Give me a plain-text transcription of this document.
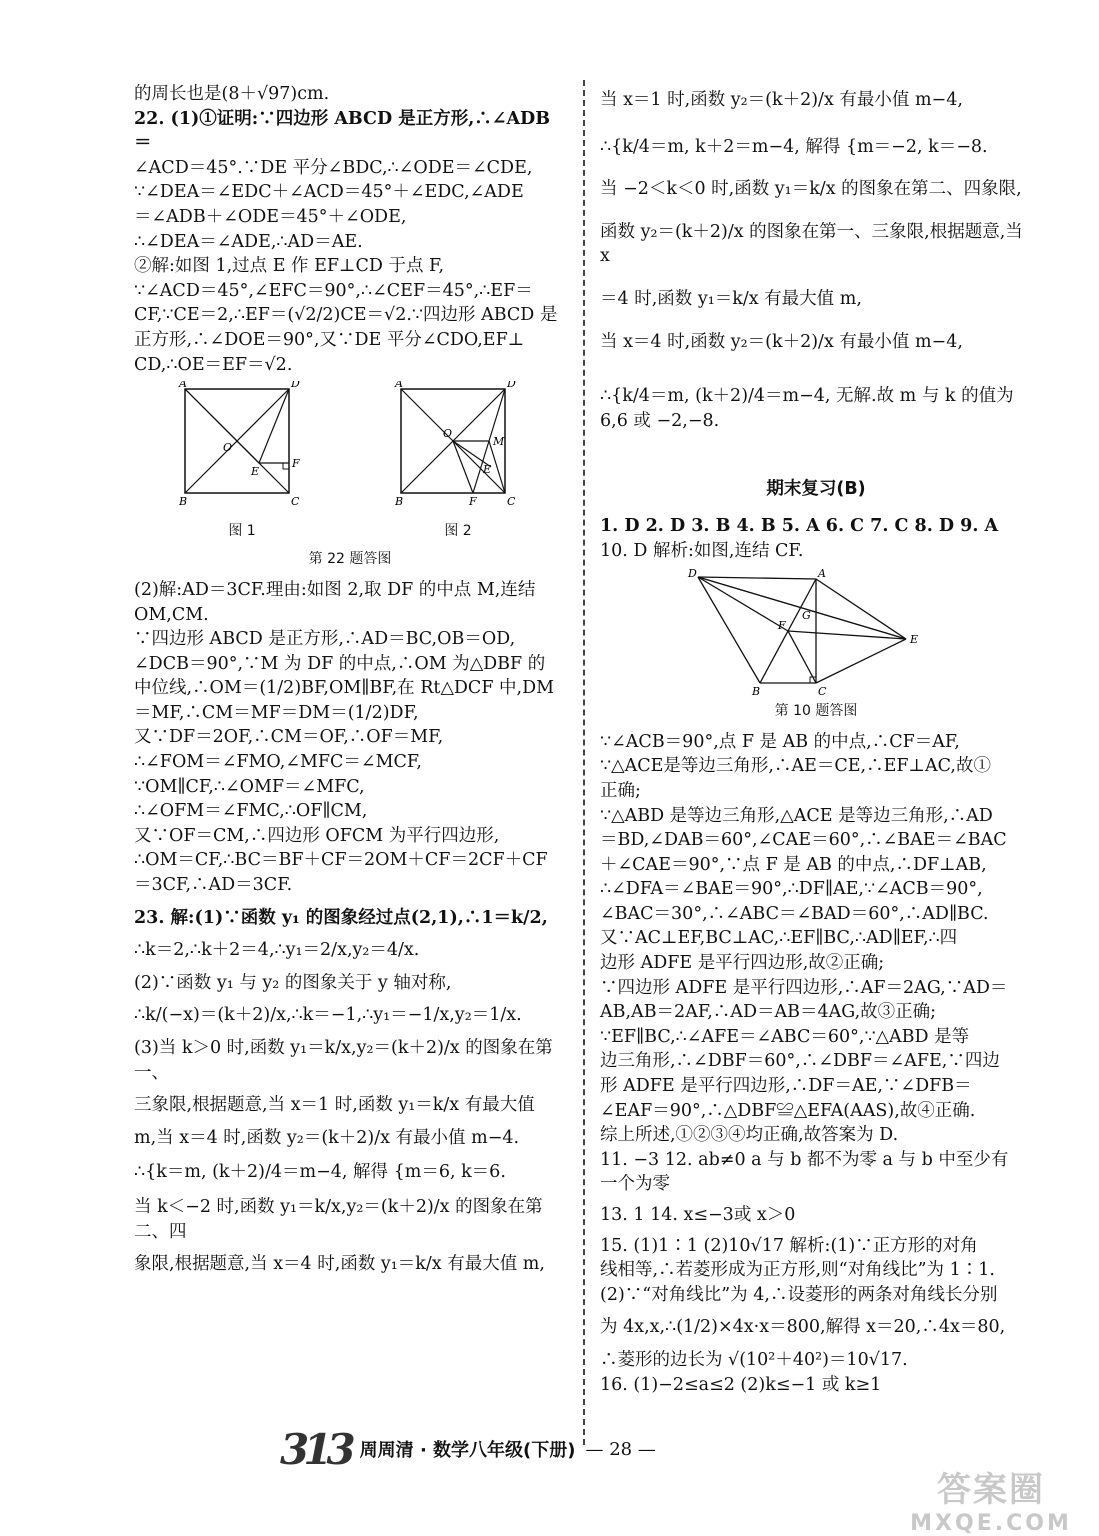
的周长也是(8＋√97)cm.

22. (1)①证明:∵四边形 ABCD 是正方形,∴∠ADB＝

∠ACD＝45°.∵DE 平分∠BDC,∴∠ODE＝∠CDE,

∵∠DEA＝∠EDC＋∠ACD＝45°＋∠EDC,∠ADE

＝∠ADB＋∠ODE＝45°＋∠ODE,

∴∠DEA＝∠ADE,∴AD＝AE.

②解:如图 1,过点 E 作 EF⊥CD 于点 F,

∵∠ACD＝45°,∠EFC＝90°,∴∠CEF＝45°,∴EF＝

CF,∵CE＝2,∴EF＝(√2/2)CE＝√2.∵四边形 ABCD 是

正方形,∴∠DOE＝90°,又∵DE 平分∠CDO,EF⊥

CD,∴OE＝EF＝√2.

A	D
B	C
O
E
F
图 1
A	D
B	C
O
M
E
F
图 2
第 22 题答图

(2)解:AD＝3CF.理由:如图 2,取 DF 的中点 M,连结

OM,CM.

∵四边形 ABCD 是正方形,∴AD＝BC,OB＝OD,

∠DCB＝90°,∵M 为 DF 的中点,∴OM 为△DBF 的

中位线,∴OM＝(1/2)BF,OM∥BF,在 Rt△DCF 中,DM

＝MF,∴CM＝MF＝DM＝(1/2)DF,

又∵DF＝2OF,∴CM＝OF,∴OF＝MF,

∴∠FOM＝∠FMO,∠MFC＝∠MCF,

∵OM∥CF,∴∠OMF＝∠MFC,

∴∠OFM＝∠FMC,∴OF∥CM,

又∵OF＝CM,∴四边形 OFCM 为平行四边形,

∴OM＝CF,∴BC＝BF＋CF＝2OM＋CF＝2CF＋CF

＝3CF,∴AD＝3CF.

23. 解:(1)∵函数 y₁ 的图象经过点(2,1),∴1＝k/2,

∴k＝2,∴k＋2＝4,∴y₁＝2/x,y₂＝4/x.

(2)∵函数 y₁ 与 y₂ 的图象关于 y 轴对称,

∴k/(−x)＝(k＋2)/x,∴k＝−1,∴y₁＝−1/x,y₂＝1/x.

(3)当 k＞0 时,函数 y₁＝k/x,y₂＝(k＋2)/x 的图象在第一、

三象限,根据题意,当 x＝1 时,函数 y₁＝k/x 有最大值

m,当 x＝4 时,函数 y₂＝(k＋2)/x 有最小值 m−4.

∴{k＝m, (k＋2)/4＝m−4, 解得 {m＝6, k＝6.

当 k＜−2 时,函数 y₁＝k/x,y₂＝(k＋2)/x 的图象在第二、四

象限,根据题意,当 x＝4 时,函数 y₁＝k/x 有最大值 m,

当 x＝1 时,函数 y₂＝(k＋2)/x 有最小值 m−4,

∴{k/4＝m, k＋2＝m−4, 解得 {m＝−2, k＝−8.

当 −2＜k＜0 时,函数 y₁＝k/x 的图象在第二、四象限,

函数 y₂＝(k＋2)/x 的图象在第一、三象限,根据题意,当 x

＝4 时,函数 y₁＝k/x 有最大值 m,

当 x＝4 时,函数 y₂＝(k＋2)/x 有最小值 m−4,

∴{k/4＝m, (k＋2)/4＝m−4, 无解.故 m 与 k 的值为 6,6 或 −2,−8.

期末复习(B)

1. D 2. D 3. B 4. B 5. A 6. C 7. C 8. D 9. A

10. D 解析:如图,连结 CF.

D	A
E
B	C
F
G
第 10 题答图

∵∠ACB＝90°,点 F 是 AB 的中点,∴CF＝AF,

∵△ACE是等边三角形,∴AE＝CE,∴EF⊥AC,故①

正确;

∵△ABD 是等边三角形,△ACE 是等边三角形,∴AD

＝BD,∠DAB＝60°,∠CAE＝60°,∴∠BAE＝∠BAC

＋∠CAE＝90°,∵点 F 是 AB 的中点,∴DF⊥AB,

∴∠DFA＝∠BAE＝90°,∴DF∥AE,∵∠ACB＝90°,

∠BAC＝30°,∴∠ABC＝∠BAD＝60°,∴AD∥BC.

又∵AC⊥EF,BC⊥AC,∴EF∥BC,∴AD∥EF,∴四

边形 ADFE 是平行四边形,故②正确;

∵四边形 ADFE 是平行四边形,∴AF＝2AG,∵AD＝

AB,AB＝2AF,∴AD＝AB＝4AG,故③正确;

∵EF∥BC,∴∠AFE＝∠ABC＝60°,∵△ABD 是等

边三角形,∴∠DBF＝60°,∴∠DBF＝∠AFE,∵四边

形 ADFE 是平行四边形,∴DF＝AE,∵∠DFB＝

∠EAF＝90°,∴△DBF≌△EFA(AAS),故④正确.

综上所述,①②③④均正确,故答案为 D.

11. −3 12. ab≠0 a 与 b 都不为零 a 与 b 中至少有

一个为零

13. 1 14. x≤−3或 x＞0

15. (1)1∶1 (2)10√17 解析:(1)∵正方形的对角

线相等,∴若菱形成为正方形,则“对角线比”为 1∶1.

(2)∵“对角线比”为 4,∴设菱形的两条对角线长分别

为 4x,x,∴(1/2)×4x·x＝800,解得 x＝20,∴4x＝80,

∴菱形的边长为 √(10²＋40²)＝10√17.

16. (1)−2≤a≤2 (2)k≤−1 或 k≥1

313 周周清 · 数学八年级(下册) — 28 —
答案圈
MXQE.COM
